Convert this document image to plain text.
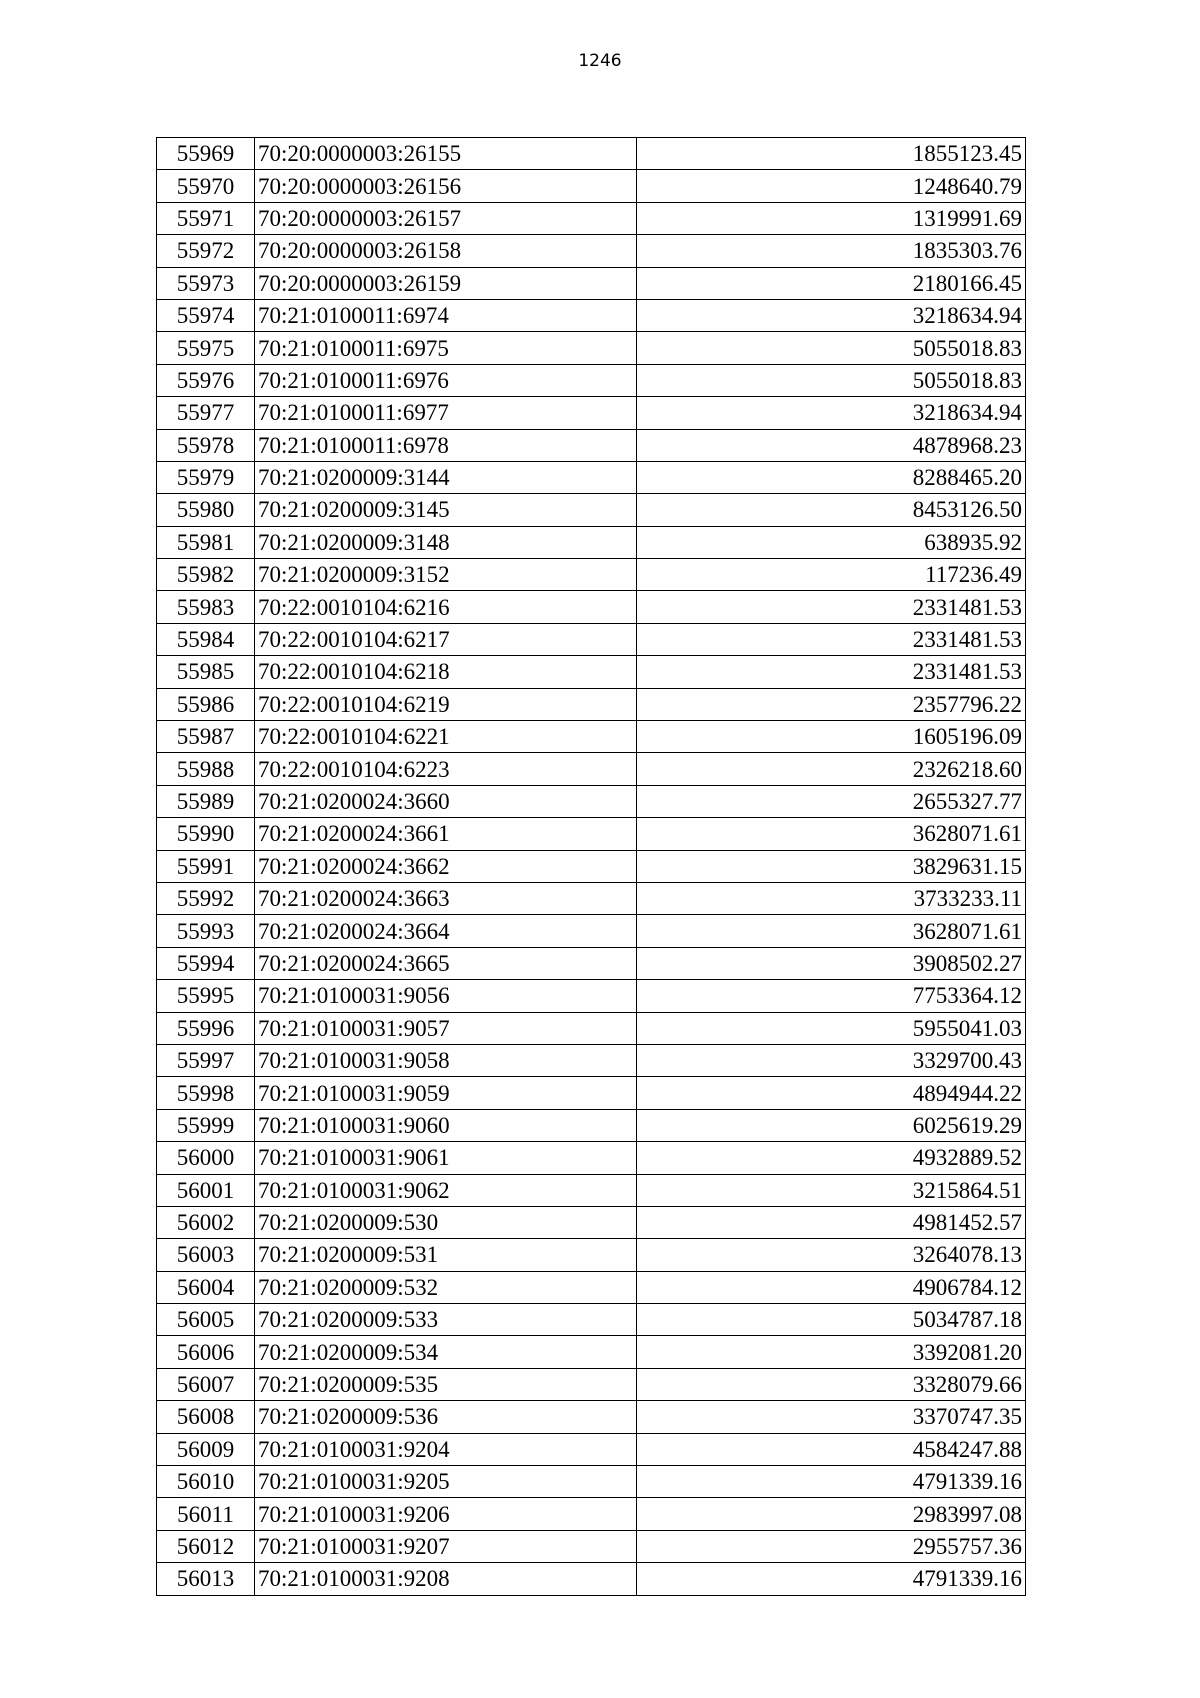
1246
55969	70:20:0000003:26155	1855123.45
55970	70:20:0000003:26156	1248640.79
55971	70:20:0000003:26157	1319991.69
55972	70:20:0000003:26158	1835303.76
55973	70:20:0000003:26159	2180166.45
55974	70:21:0100011:6974	3218634.94
55975	70:21:0100011:6975	5055018.83
55976	70:21:0100011:6976	5055018.83
55977	70:21:0100011:6977	3218634.94
55978	70:21:0100011:6978	4878968.23
55979	70:21:0200009:3144	8288465.20
55980	70:21:0200009:3145	8453126.50
55981	70:21:0200009:3148	638935.92
55982	70:21:0200009:3152	117236.49
55983	70:22:0010104:6216	2331481.53
55984	70:22:0010104:6217	2331481.53
55985	70:22:0010104:6218	2331481.53
55986	70:22:0010104:6219	2357796.22
55987	70:22:0010104:6221	1605196.09
55988	70:22:0010104:6223	2326218.60
55989	70:21:0200024:3660	2655327.77
55990	70:21:0200024:3661	3628071.61
55991	70:21:0200024:3662	3829631.15
55992	70:21:0200024:3663	3733233.11
55993	70:21:0200024:3664	3628071.61
55994	70:21:0200024:3665	3908502.27
55995	70:21:0100031:9056	7753364.12
55996	70:21:0100031:9057	5955041.03
55997	70:21:0100031:9058	3329700.43
55998	70:21:0100031:9059	4894944.22
55999	70:21:0100031:9060	6025619.29
56000	70:21:0100031:9061	4932889.52
56001	70:21:0100031:9062	3215864.51
56002	70:21:0200009:530	4981452.57
56003	70:21:0200009:531	3264078.13
56004	70:21:0200009:532	4906784.12
56005	70:21:0200009:533	5034787.18
56006	70:21:0200009:534	3392081.20
56007	70:21:0200009:535	3328079.66
56008	70:21:0200009:536	3370747.35
56009	70:21:0100031:9204	4584247.88
56010	70:21:0100031:9205	4791339.16
56011	70:21:0100031:9206	2983997.08
56012	70:21:0100031:9207	2955757.36
56013	70:21:0100031:9208	4791339.16
